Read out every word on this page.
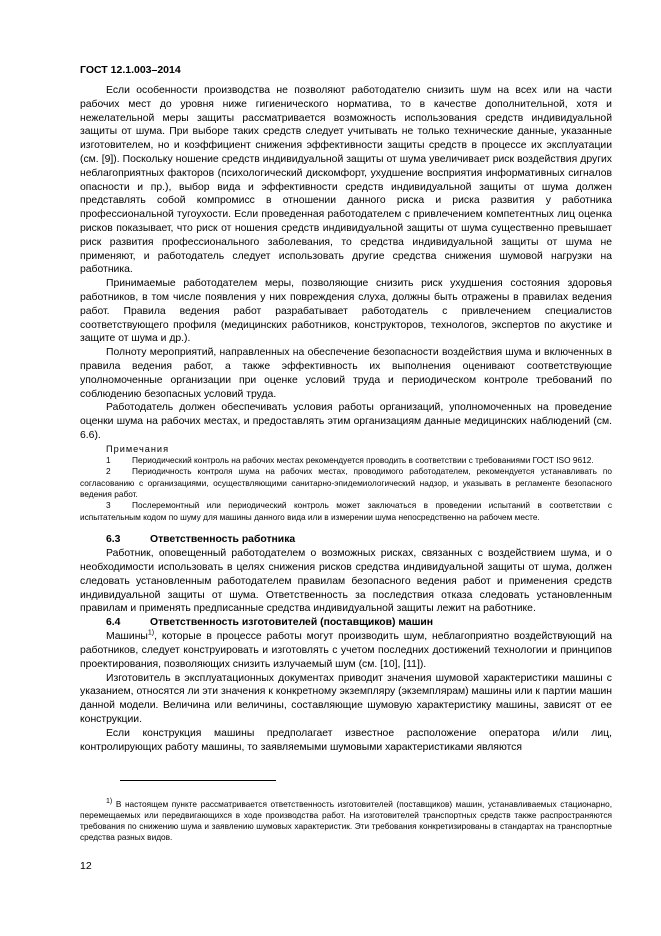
ГОСТ 12.1.003–2014

Если особенности производства не позволяют работодателю снизить шум на всех или на части рабочих мест до уровня ниже гигиенического норматива, то в качестве дополнительной, хотя и нежелательной меры защиты рассматривается возможность использования средств индивидуальной защиты от шума. При выборе таких средств следует учитывать не только технические данные, указанные изготовителем, но и коэффициент снижения эффективности защиты средств в процессе их эксплуатации (см. [9]). Поскольку ношение средств индивидуальной защиты от шума увеличивает риск воздействия других неблагоприятных факторов (психологический дискомфорт, ухудшение восприятия информативных сигналов опасности и пр.), выбор вида и эффективности средств индивидуальной защиты от шума должен представлять собой компромисс в отношении данного риска и риска развития у работника профессиональной тугоухости. Если проведенная работодателем с привлечением компетентных лиц оценка рисков показывает, что риск от ношения средств индивидуальной защиты от шума существенно превышает риск развития профессионального заболевания, то средства индивидуальной защиты от шума не применяют, и работодатель следует использовать другие средства снижения шумовой нагрузки на работника.

Принимаемые работодателем меры, позволяющие снизить риск ухудшения состояния здоровья работников, в том числе появления у них повреждения слуха, должны быть отражены в правилах ведения работ. Правила ведения работ разрабатывает работодатель с привлечением специалистов соответствующего профиля (медицинских работников, конструкторов, технологов, экспертов по акустике и защите от шума и др.).

Полноту мероприятий, направленных на обеспечение безопасности воздействия шума и включенных в правила ведения работ, а также эффективность их выполнения оценивают соответствующие уполномоченные организации при оценке условий труда и периодическом контроле требований по соблюдению безопасных условий труда.

Работодатель должен обеспечивать условия работы организаций, уполномоченных на проведение оценки шума на рабочих местах, и предоставлять этим организациям данные медицинских наблюдений (см. 6.6).

Примечания

1	Периодический контроль на рабочих местах рекомендуется проводить в соответствии с требованиями ГОСТ ISO 9612.

2	Периодичность контроля шума на рабочих местах, проводимого работодателем, рекомендуется устанавливать по согласованию с организациями, осуществляющими санитарно-эпидемиологический надзор, и указывать в регламенте безопасного ведения работ.

3	Послеремонтный или периодический контроль может заключаться в проведении испытаний в соответствии с испытательным кодом по шуму для машины данного вида или в измерении шума непосредственно на рабочем месте.

6.3	Ответственность работника

Работник, оповещенный работодателем о возможных рисках, связанных с воздействием шума, и о необходимости использовать в целях снижения рисков средства индивидуальной защиты от шума, должен следовать установленным работодателем правилам безопасного ведения работ и применения средств индивидуальной защиты от шума. Ответственность за последствия отказа следовать установленным правилам и применять предписанные средства индивидуальной защиты лежит на работнике.

6.4	Ответственность изготовителей (поставщиков) машин

Машины$^{1)}$, которые в процессе работы могут производить шум, неблагоприятно воздействующий на работников, следует конструировать и изготовлять с учетом последних достижений технологии и принципов проектирования, позволяющих снизить излучаемый шум (см. [10], [11]).

Изготовитель в эксплуатационных документах приводит значения шумовой характеристики машины с указанием, относятся ли эти значения к конкретному экземпляру (экземплярам) машины или к партии машин данной модели. Величина или величины, составляющие шумовую характеристику машины, зависят от ее конструкции.

Если конструкция машины предполагает известное расположение оператора и/или лиц, контролирующих работу машины, то заявляемыми шумовыми характеристиками являются

$^{1)}$ В настоящем пункте рассматривается ответственность изготовителей (поставщиков) машин, устанавливаемых стационарно, перемещаемых или передвигающихся в ходе производства работ. На изготовителей транспортных средств также распространяются требования по снижению шума и заявлению шумовых характеристик. Эти требования конкретизированы в стандартах на транспортные средства разных видов.

12
